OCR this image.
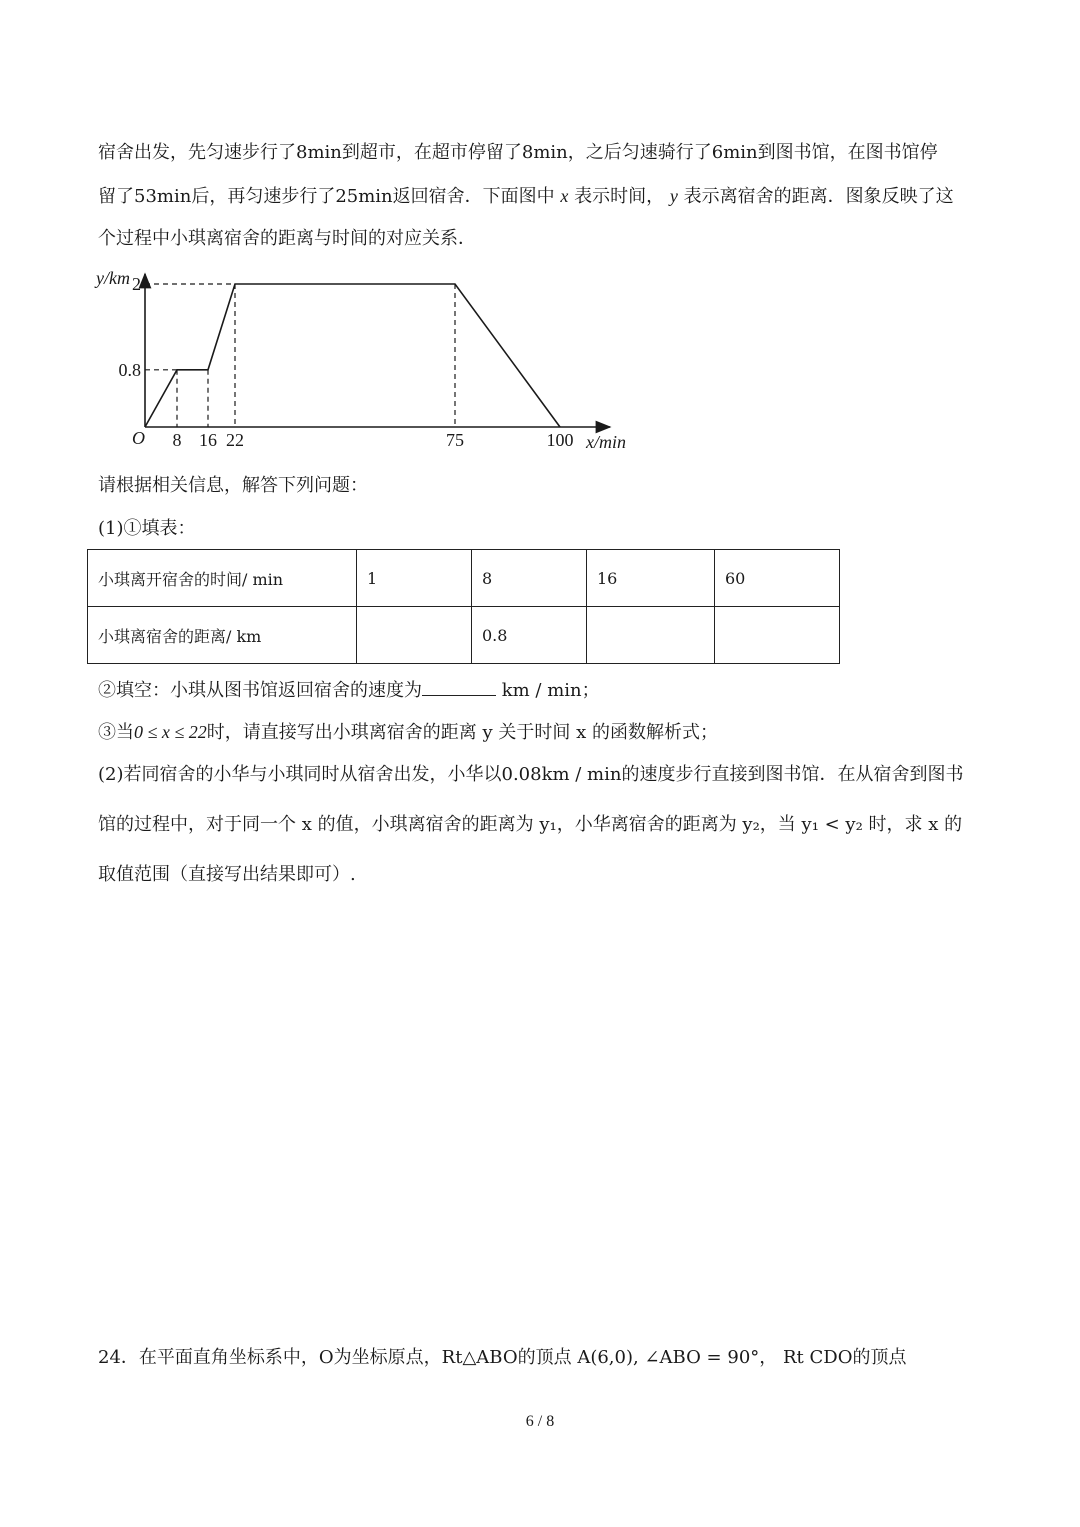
宿舍出发，先匀速步行了8min到超市，在超市停留了8min，之后匀速骑行了6min到图书馆，在图书馆停
留了53min后，再匀速步行了25min返回宿舍．下面图中 x 表示时间， y 表示离宿舍的距离．图象反映了这
个过程中小琪离宿舍的距离与时间的对应关系．
8 16 22	75	100
0.8
2
y/km
x/min
O
请根据相关信息，解答下列问题：
(1)①填表：
小琪离开宿舍的时间/ min	1	8	16	60
小琪离宿舍的距离/ km		0.8		
②填空：小琪从图书馆返回宿舍的速度为	km / min；
③当0 ≤ x ≤ 22时，请直接写出小琪离宿舍的距离 y 关于时间 x 的函数解析式；
(2)若同宿舍的小华与小琪同时从宿舍出发，小华以0.08km / min的速度步行直接到图书馆．在从宿舍到图书
馆的过程中，对于同一个 x 的值，小琪离宿舍的距离为 y₁，小华离宿舍的距离为 y₂，当 y₁ < y₂ 时，求 x 的
取值范围（直接写出结果即可）.
24．在平面直角坐标系中，O为坐标原点，Rt△ABO的顶点 A(6,0), ∠ABO = 90°， Rt CDO的顶点
6 / 8
